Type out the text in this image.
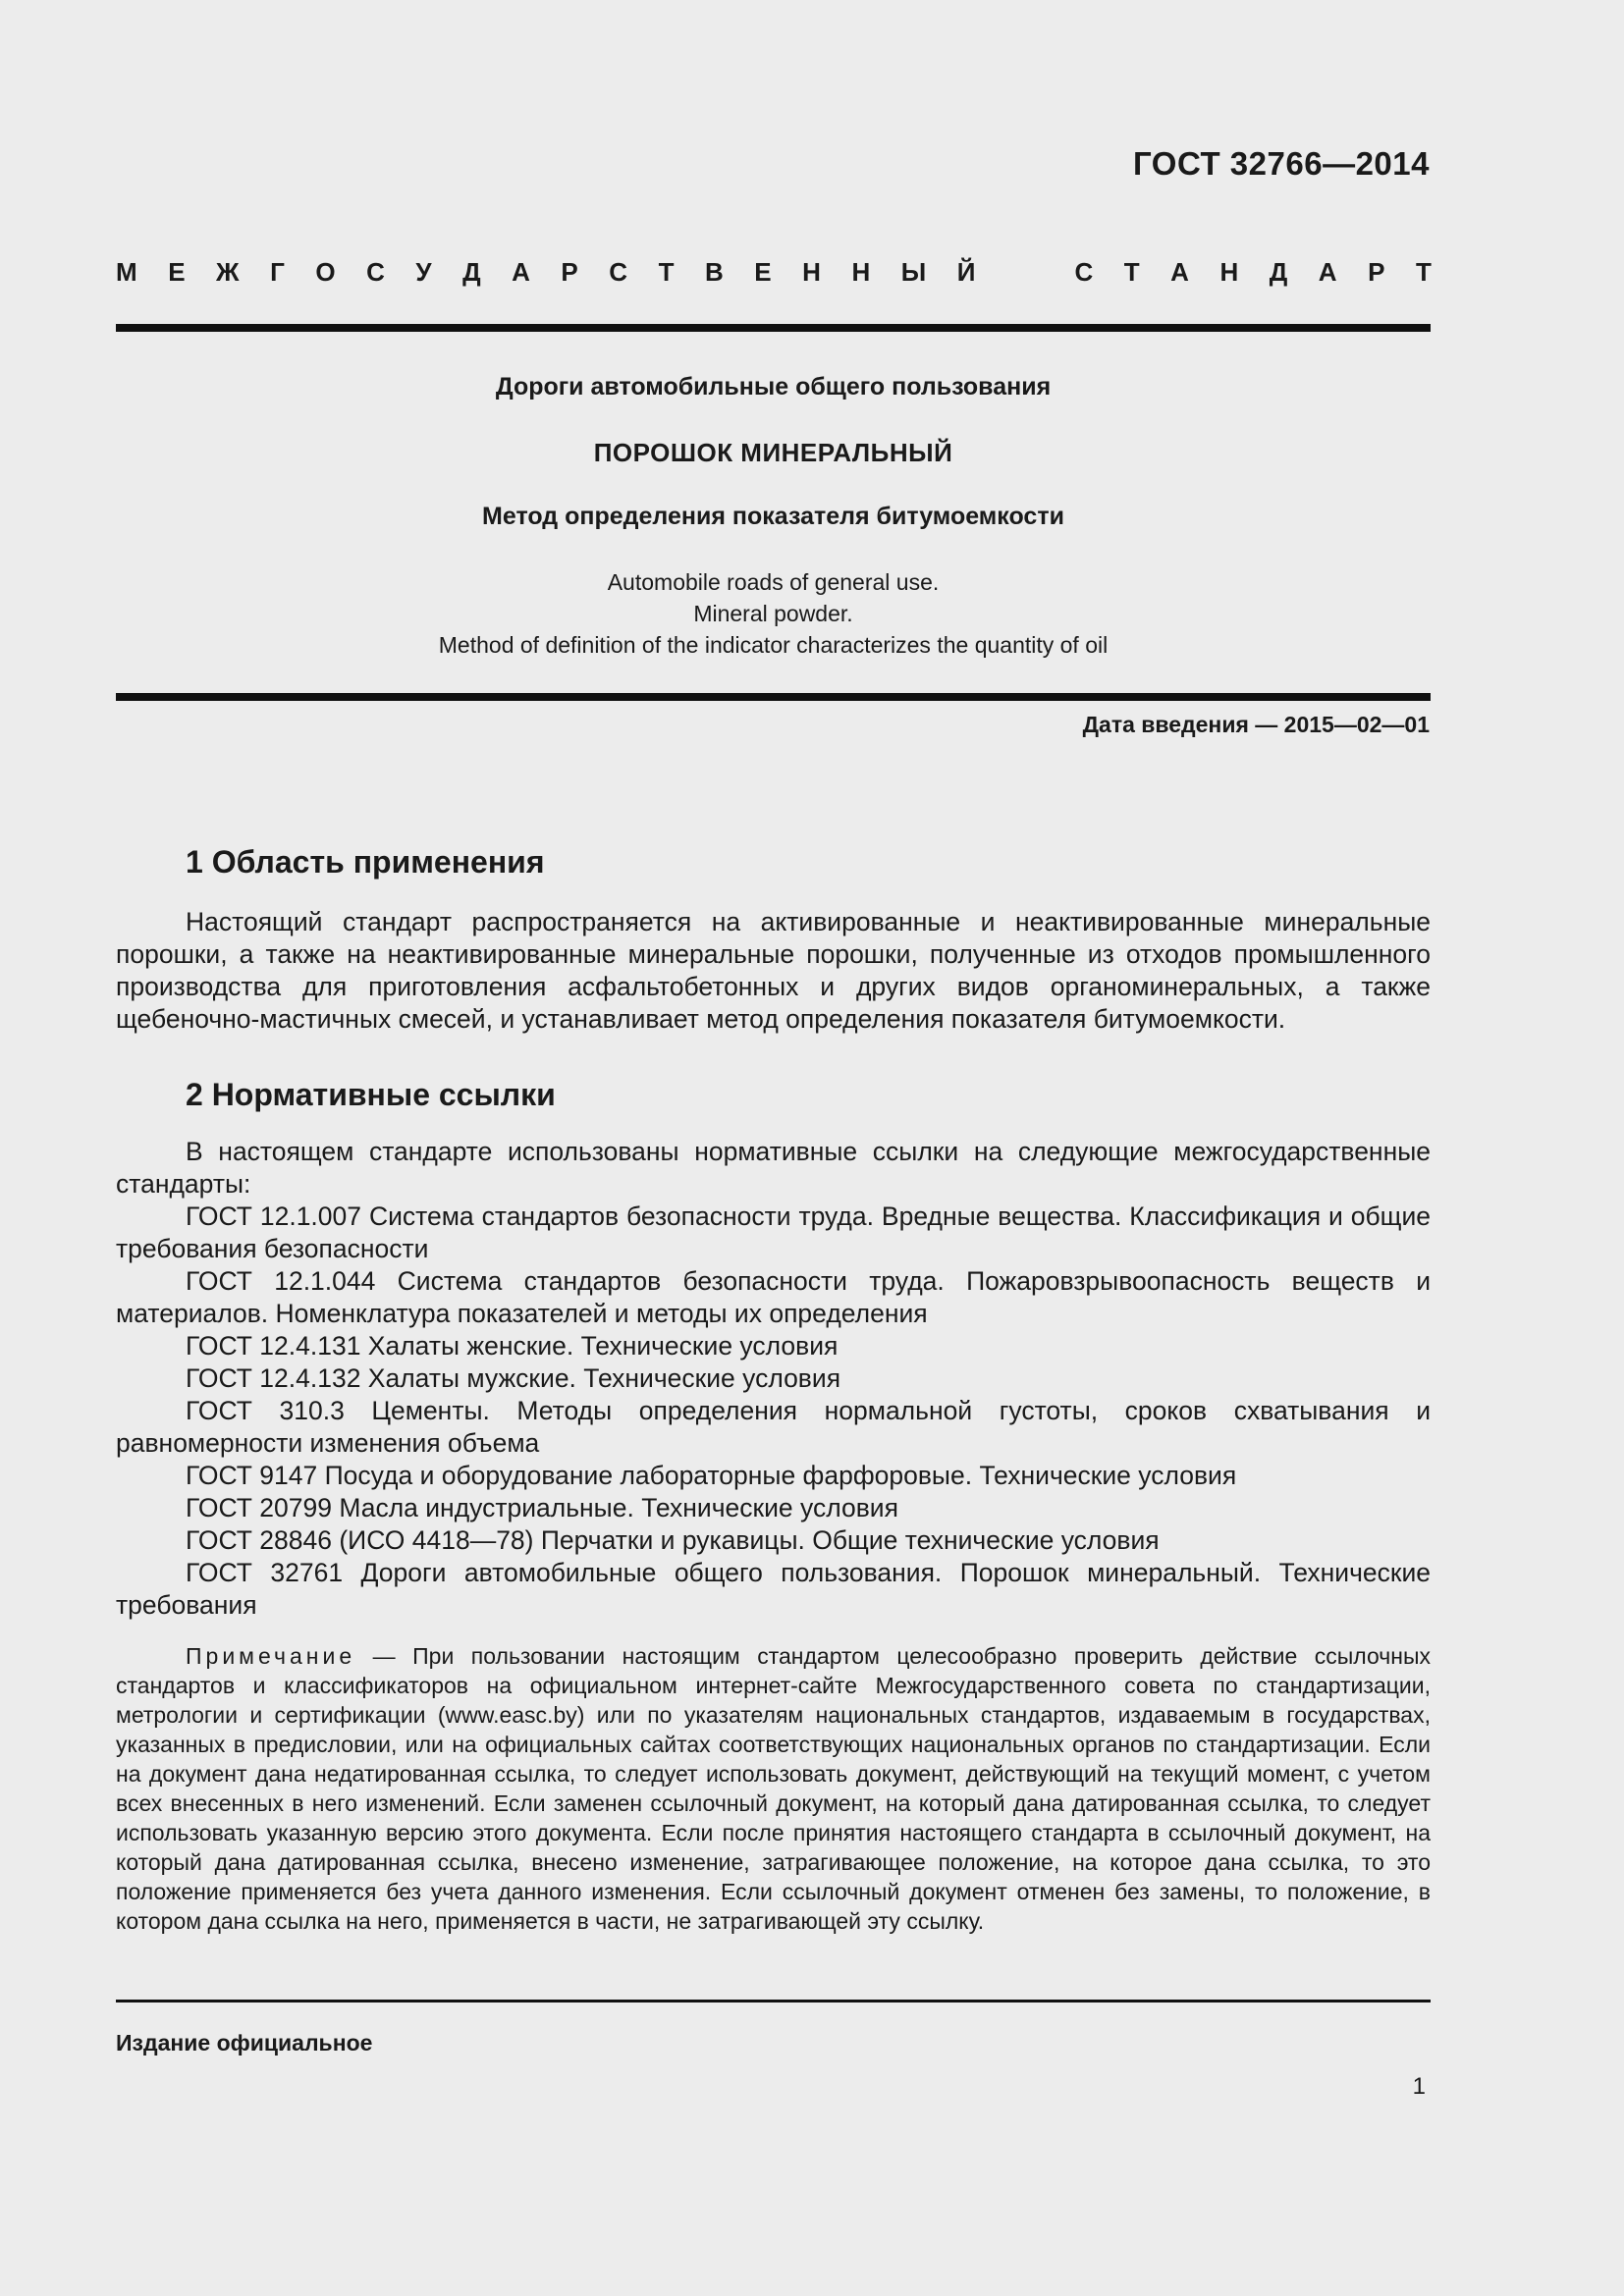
ГОСТ 32766—2014
М Е Ж Г О С У Д А Р С Т В Е Н Н Ы Й	С Т А Н Д А Р Т
Дороги автомобильные общего пользования
ПОРОШОК МИНЕРАЛЬНЫЙ
Метод определения показателя битумоемкости
Automobile roads of general use.
Mineral powder.
Method of definition of the indicator characterizes the quantity of oil
Дата введения — 2015—02—01
1 Область применения

Настоящий стандарт распространяется на активированные и неактивированные минеральные порошки, а также на неактивированные минеральные порошки, полученные из отходов промышленного производства для приготовления асфальтобетонных и других видов органоминеральных, а также щебеночно-мастичных смесей, и устанавливает метод определения показателя битумоемкости.

2 Нормативные ссылки

В настоящем стандарте использованы нормативные ссылки на следующие межгосударственные стандарты:

ГОСТ 12.1.007 Система стандартов безопасности труда. Вредные вещества. Классификация и общие требования безопасности

ГОСТ 12.1.044 Система стандартов безопасности труда. Пожаровзрывоопасность веществ и материалов. Номенклатура показателей и методы их определения

ГОСТ 12.4.131 Халаты женские. Технические условия

ГОСТ 12.4.132 Халаты мужские. Технические условия

ГОСТ 310.3 Цементы. Методы определения нормальной густоты, сроков схватывания и равномерности изменения объема

ГОСТ 9147 Посуда и оборудование лабораторные фарфоровые. Технические условия

ГОСТ 20799 Масла индустриальные. Технические условия

ГОСТ 28846 (ИСО 4418—78) Перчатки и рукавицы. Общие технические условия

ГОСТ 32761 Дороги автомобильные общего пользования. Порошок минеральный. Технические требования

Примечание — При пользовании настоящим стандартом целесообразно проверить действие ссылочных стандартов и классификаторов на официальном интернет-сайте Межгосударственного совета по стандартизации, метрологии и сертификации (www.easc.by) или по указателям национальных стандартов, издаваемым в государствах, указанных в предисловии, или на официальных сайтах соответствующих национальных органов по стандартизации. Если на документ дана недатированная ссылка, то следует использовать документ, действующий на текущий момент, с учетом всех внесенных в него изменений. Если заменен ссылочный документ, на который дана датированная ссылка, то следует использовать указанную версию этого документа. Если после принятия настоящего стандарта в ссылочный документ, на который дана датированная ссылка, внесено изменение, затрагивающее положение, на которое дана ссылка, то это положение применяется без учета данного изменения. Если ссылочный документ отменен без замены, то положение, в котором дана ссылка на него, применяется в части, не затрагивающей эту ссылку.

Издание официальное
1
